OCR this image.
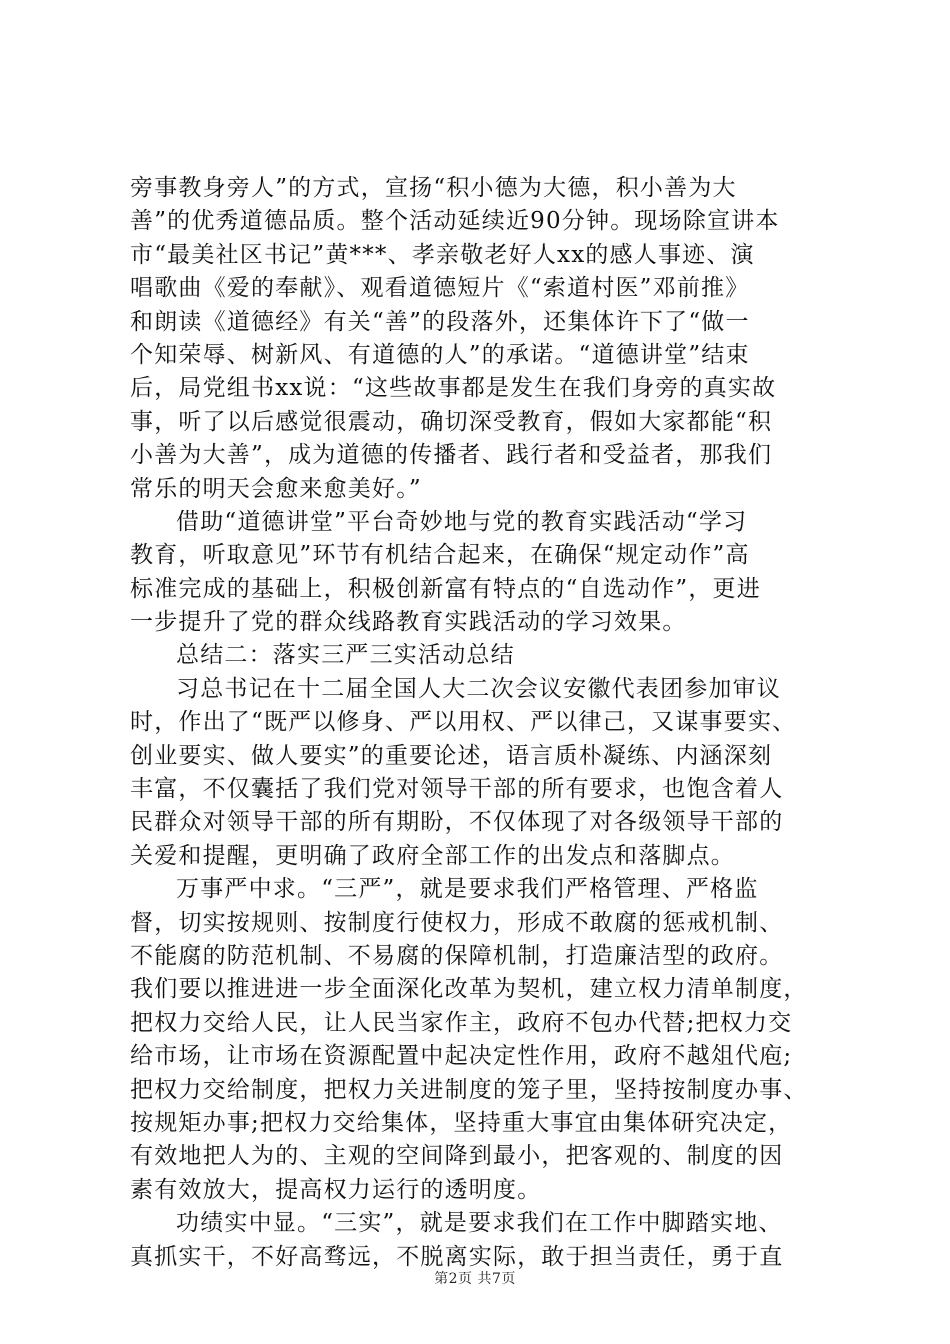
旁事教身旁人”的方式，宣扬“积小德为大德，积小善为大
善”的优秀道德品质。整个活动延续近90分钟。现场除宣讲本
市“最美社区书记”黄***、孝亲敬老好人xx的感人事迹、演
唱歌曲《爱的奉献》、观看道德短片《“索道村医”邓前推》
和朗读《道德经》有关“善”的段落外，还集体许下了“做一
个知荣辱、树新风、有道德的人”的承诺。“道德讲堂”结束
后，局党组书xx说：“这些故事都是发生在我们身旁的真实故
事，听了以后感觉很震动，确切深受教育，假如大家都能“积
小善为大善”，成为道德的传播者、践行者和受益者，那我们
常乐的明天会愈来愈美好。”
借助“道德讲堂”平台奇妙地与党的教育实践活动“学习
教育，听取意见”环节有机结合起来，在确保“规定动作”高
标准完成的基础上，积极创新富有特点的“自选动作”，更进
一步提升了党的群众线路教育实践活动的学习效果。
总结二：落实三严三实活动总结
习总书记在十二届全国人大二次会议安徽代表团参加审议
时，作出了“既严以修身、严以用权、严以律己，又谋事要实、
创业要实、做人要实”的重要论述，语言质朴凝练、内涵深刻
丰富，不仅囊括了我们党对领导干部的所有要求，也饱含着人
民群众对领导干部的所有期盼，不仅体现了对各级领导干部的
关爱和提醒，更明确了政府全部工作的出发点和落脚点。
万事严中求。“三严”，就是要求我们严格管理、严格监
督，切实按规则、按制度行使权力，形成不敢腐的惩戒机制、
不能腐的防范机制、不易腐的保障机制，打造廉洁型的政府。
我们要以推进进一步全面深化改革为契机，建立权力清单制度，
把权力交给人民，让人民当家作主，政府不包办代替;把权力交
给市场，让市场在资源配置中起决定性作用，政府不越俎代庖;
把权力交给制度，把权力关进制度的笼子里，坚持按制度办事、
按规矩办事;把权力交给集体，坚持重大事宜由集体研究决定，
有效地把人为的、主观的空间降到最小，把客观的、制度的因
素有效放大，提高权力运行的透明度。
功绩实中显。“三实”，就是要求我们在工作中脚踏实地、
真抓实干，不好高骛远，不脱离实际，敢于担当责任，勇于直
第2页 共7页
